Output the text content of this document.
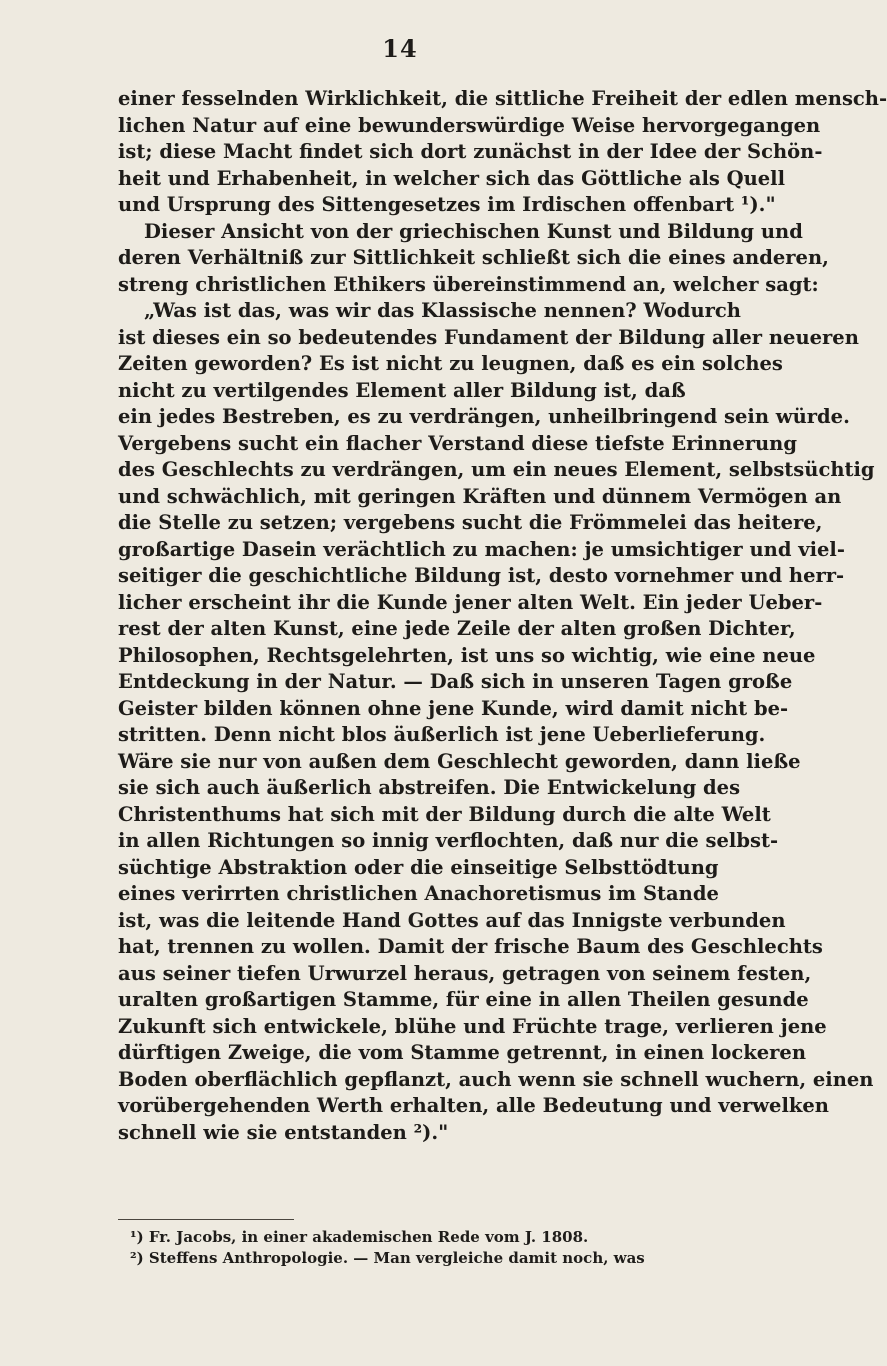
14
einer fesselnden Wirklichkeit, die sittliche Freiheit der edlen mensch-
lichen Natur auf eine bewunderswürdige Weise hervorgegangen
ist; diese Macht findet sich dort zunächst in der Idee der Schön-
heit und Erhabenheit, in welcher sich das Göttliche als Quell
und Ursprung des Sittengesetzes im Irdischen offenbart ¹)."
Dieser Ansicht von der griechischen Kunst und Bildung und
deren Verhältniß zur Sittlichkeit schließt sich die eines anderen,
streng christlichen Ethikers übereinstimmend an, welcher sagt:
„Was ist das, was wir das Klassische nennen? Wodurch
ist dieses ein so bedeutendes Fundament der Bildung aller neueren
Zeiten geworden? Es ist nicht zu leugnen, daß es ein solches
nicht zu vertilgendes Element aller Bildung ist, daß
ein jedes Bestreben, es zu verdrängen, unheilbringend sein würde.
Vergebens sucht ein flacher Verstand diese tiefste Erinnerung
des Geschlechts zu verdrängen, um ein neues Element, selbstsüchtig
und schwächlich, mit geringen Kräften und dünnem Vermögen an
die Stelle zu setzen; vergebens sucht die Frömmelei das heitere,
großartige Dasein verächtlich zu machen: je umsichtiger und viel-
seitiger die geschichtliche Bildung ist, desto vornehmer und herr-
licher erscheint ihr die Kunde jener alten Welt. Ein jeder Ueber-
rest der alten Kunst, eine jede Zeile der alten großen Dichter,
Philosophen, Rechtsgelehrten, ist uns so wichtig, wie eine neue
Entdeckung in der Natur. — Daß sich in unseren Tagen große
Geister bilden können ohne jene Kunde, wird damit nicht be-
stritten. Denn nicht blos äußerlich ist jene Ueberlieferung.
Wäre sie nur von außen dem Geschlecht geworden, dann ließe
sie sich auch äußerlich abstreifen. Die Entwickelung des
Christenthums hat sich mit der Bildung durch die alte Welt
in allen Richtungen so innig verflochten, daß nur die selbst-
süchtige Abstraktion oder die einseitige Selbsttödtung
eines verirrten christlichen Anachoretismus im Stande
ist, was die leitende Hand Gottes auf das Innigste verbunden
hat, trennen zu wollen. Damit der frische Baum des Geschlechts
aus seiner tiefen Urwurzel heraus, getragen von seinem festen,
uralten großartigen Stamme, für eine in allen Theilen gesunde
Zukunft sich entwickele, blühe und Früchte trage, verlieren jene
dürftigen Zweige, die vom Stamme getrennt, in einen lockeren
Boden oberflächlich gepflanzt, auch wenn sie schnell wuchern, einen
vorübergehenden Werth erhalten, alle Bedeutung und verwelken
schnell wie sie entstanden ²)."
¹) Fr. Jacobs, in einer akademischen Rede vom J. 1808.
²) Steffens Anthropologie. — Man vergleiche damit noch, was
